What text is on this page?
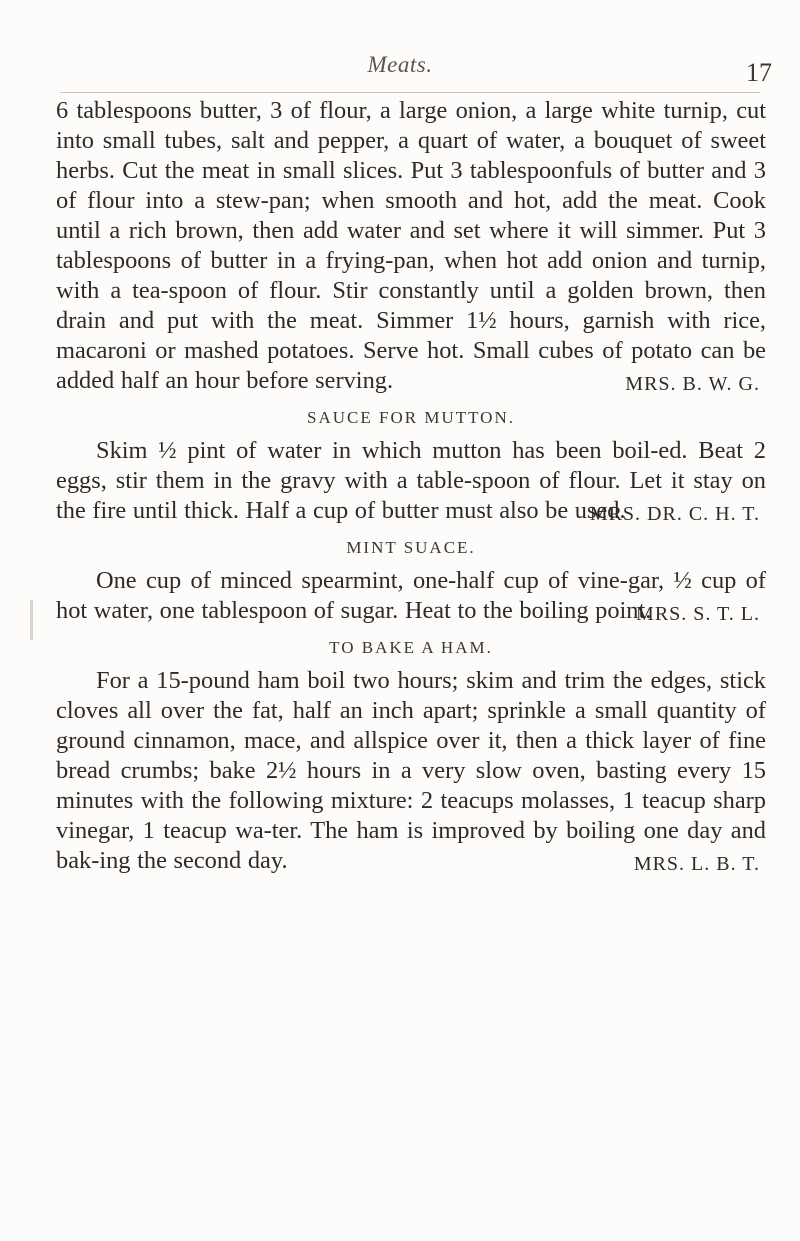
Meats.	17

6 tablespoons butter, 3 of flour, a large onion, a large white turnip, cut into small tubes, salt and pepper, a quart of water, a bouquet of sweet herbs. Cut the meat in small slices. Put 3 tablespoonfuls of butter and 3 of flour into a stew-pan; when smooth and hot, add the meat. Cook until a rich brown, then add water and set where it will simmer. Put 3 tablespoons of butter in a frying-pan, when hot add onion and turnip, with a tea-spoon of flour. Stir constantly until a golden brown, then drain and put with the meat. Simmer 1½ hours, garnish with rice, macaroni or mashed potatoes. Serve hot. Small cubes of potato can be added half an hour before serving.	MRS. B. W. G.
SAUCE FOR MUTTON.

Skim ½ pint of water in which mutton has been boil-ed. Beat 2 eggs, stir them in the gravy with a table-spoon of flour. Let it stay on the fire until thick. Half a cup of butter must also be used.

MRS. DR. C. H. T.
MINT SUACE.

One cup of minced spearmint, one-half cup of vine-gar, ½ cup of hot water, one tablespoon of sugar. Heat to the boiling point.

MRS. S. T. L.
TO BAKE A HAM.

For a 15-pound ham boil two hours; skim and trim the edges, stick cloves all over the fat, half an inch apart; sprinkle a small quantity of ground cinnamon, mace, and allspice over it, then a thick layer of fine bread crumbs; bake 2½ hours in a very slow oven, basting every 15 minutes with the following mixture: 2 teacups molasses, 1 teacup sharp vinegar, 1 teacup wa-ter. The ham is improved by boiling one day and bak-ing the second day.	MRS. L. B. T.
